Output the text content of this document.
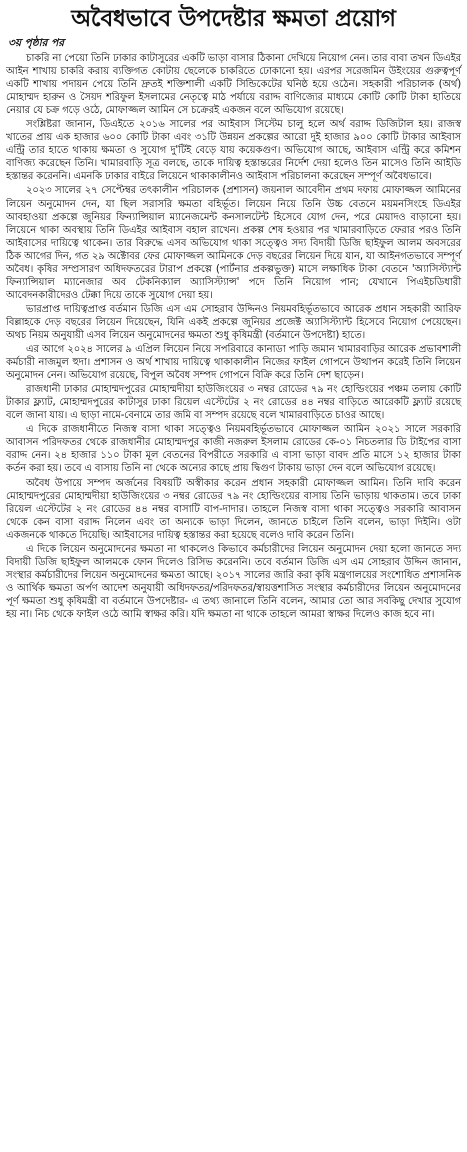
অবৈধভাবে উপদেষ্টার ক্ষমতা প্রয়োগ
৩য় পৃষ্ঠার পর

চাকরি না পেয়ো তিনি ঢাকার কাটাসুরের একটি ভাড়া বাসার ঠিকানা দেখিয়ে নিয়োগ নেন। তার বাবা তখন ডিএইর আইন শাখায় চাকরি করায় ব্যক্তিগত কোটায় ছেলেকে চাকরিতে ঢোকানো হয়। এরপর সরেজমিন উইংয়ের গুরুত্বপূর্ণ একটি শাখায় পদায়ন পেয়ে তিনি দ্রুতই শক্তিশালী একটি সিন্ডিকেটের ঘনিষ্ঠ হয়ে ওঠেন। সহকারী পরিচালক (অর্থ) মোহাম্মদ হারুন ও সৈয়দ শরিফুল ইসলামের নেতৃত্বে মাঠ পর্যায়ে বরাদ্দ বাণিজ্যের মাধ্যমে কোটি কোটি টাকা হাতিয়ে নেয়ার যে চক্র গড়ে ওঠে, মোফাজ্জল আমিন সে চক্রেরই একজন বলে অভিযোগ রয়েছে।

সংশ্লিষ্টরা জানান, ডিএইতে ২০১৬ সালের পর আইবাস সিস্টেম চালু হলে অর্থ বরাদ্দ ডিজিটাল হয়। রাজস্ব খাতের প্রায় এক হাজার ৬০০ কোটি টাকা এবং ৩১টি উন্নয়ন প্রকল্পের আরো দুই হাজার ৯০০ কোটি টাকার আইবাস এন্ট্রি তার হাতে থাকায় ক্ষমতা ও সুযোগ দু'টিই বেড়ে যায় কয়েকগুণ। অভিযোগ আছে, আইবাস এন্ট্রি করে কমিশন বাণিজ্য করেছেন তিনি। খামারবাড়ি সূত্র বলছে, তাকে দায়িত্ব হস্তান্তরের নির্দেশ দেয়া হলেও তিন মাসেও তিনি আইডি হস্তান্তর করেননি। এমনকি ঢাকার বাইরে লিয়েনে থাকাকালীনও আইবাস পরিচালনা করেছেন সম্পূর্ণ অবৈধভাবে।

২০২৩ সালের ২৭ সেপ্টেম্বর তৎকালীন পরিচালক (প্রশাসন) জয়নাল আবেদীন প্রথম দফায় মোফাজ্জল আমিনের লিয়েন অনুমোদন দেন, যা ছিল সরাসরি ক্ষমতা বহির্ভূত। লিয়েন নিয়ে তিনি উচ্চ বেতনে ময়মনসিংহে ডিএইর আবহাওয়া প্রকল্পে জুনিয়র ফিন্যান্সিয়াল ম্যানেজমেন্ট কনসালটেন্ট হিসেবে যোগ দেন, পরে মেয়াদও বাড়ানো হয়। লিয়েনে থাকা অবস্থায় তিনি ডিএইর আইবাস বহাল রাখেন। প্রকল্প শেষ হওয়ার পর খামারবাড়িতে ফেরার পরও তিনি আইবাসের দায়িত্বে থাকেন। তার বিরুদ্ধে এসব অভিযোগ থাকা সত্ত্বেও সদ্য বিদায়ী ডিজি ছাইফুল আলম অবসরের ঠিক আগের দিন, গত ২৯ অক্টোবর ফের মোফাজ্জল আমিনকে দেড় বছরের লিয়েন দিয়ে যান, যা আইনগতভাবে সম্পূর্ণ অবৈধ। কৃষির সম্প্রসারণ অধিদফতরের টারাপ প্রকল্পে (পার্টনার প্রকল্পভুক্ত) মাসে লক্ষাধিক টাকা বেতনে 'অ্যাসিস্ট্যান্ট ফিন্যান্সিয়াল ম্যানেজার অব টেকনিক্যাল অ্যাসিস্ট্যান্স' পদে তিনি নিয়োগ পান; যেখানে পিএইচডিধারী আবেদনকারীদেরও টেক্কা দিয়ে তাকে সুযোগ দেয়া হয়।

ভারপ্রাপ্ত দায়িত্বপ্রাপ্ত বর্তমান ডিজি এস এম সোহরাব উদ্দিনও নিয়মবহির্ভূতভাবে আরেক প্রধান সহকারী আরিফ বিল্লাহকে দেড় বছরের লিয়েন দিয়েছেন, যিনি একই প্রকল্পে জুনিয়র প্রজেক্ট অ্যাসিস্ট্যান্ট হিসেবে নিয়োগ পেয়েছেন। অথচ নিয়ম অনুযায়ী এসব লিয়েন অনুমোদনের ক্ষমতা শুধু কৃষিমন্ত্রী (বর্তমানে উপদেষ্টা) হাতে।

এর আগে ২০২৪ সালের ৯ এপ্রিল লিয়েন নিয়ে সপরিবারে কানাডা পাড়ি জমান খামারবাড়ির আরেক প্রভাবশালী কর্মচারী নাজমুল হুদা। প্রশাসন ও অর্থ শাখায় দায়িত্বে থাকাকালীন নিজের ফাইল গোপনে উত্থাপন করেই তিনি লিয়েন অনুমোদন নেন। অভিযোগ রয়েছে, বিপুল অবৈধ সম্পদ গোপনে বিক্রি করে তিনি দেশ ছাড়েন।

রাজধানী ঢাকার মোহাম্মদপুরের মোহাম্মদীয়া হাউজিংয়ের ৩ নম্বর রোডের ৭৯ নং হোল্ডিংয়ের পঞ্চম তলায় কোটি টাকার ফ্ল্যাট, মোহাম্মদপুরের কাটাসুর ঢাকা রিয়েল এস্টেটের ২ নং রোডের ৪৪ নম্বর বাড়িতে আরেকটি ফ্ল্যাট রয়েছে বলে জানা যায়। এ ছাড়া নামে-বেনামে তার জমি বা সম্পদ রয়েছে বলে খামারবাড়িতে চাওর আছে।

এ দিকে রাজধানীতে নিজস্ব বাসা থাকা সত্ত্বেও নিয়মবহির্ভূতভাবে মোফাজ্জল আমিন ২০২১ সালে সরকারি আবাসন পরিদফতর থেকে রাজধানীর মোহাম্মদপুর কাজী নজরুল ইসলাম রোডের কে-০১ নিচতলার ডি টাইপের বাসা বরাদ্দ নেন। ২৪ হাজার ১১০ টাকা মূল বেতনের বিপরীতে সরকারি এ বাসা ভাড়া বাবদ প্রতি মাসে ১২ হাজার টাকা কর্তন করা হয়। তবে এ বাসায় তিনি না থেকে অন্যের কাছে প্রায় দ্বিগুণ টাকায় ভাড়া দেন বলে অভিযোগ রয়েছে।

অবৈধ উপায়ে সম্পদ অর্জনের বিষয়টি অস্বীকার করেন প্রধান সহকারী মোফাজ্জল আমিন। তিনি দাবি করেন মোহাম্মদপুরের মোহাম্মদীয়া হাউজিংয়ের ৩ নম্বর রোডের ৭৯ নং হোল্ডিংয়ের বাসায় তিনি ভাড়ায় থাকতাম। তবে ঢাকা রিয়েল এস্টেটের ২ নং রোডের ৪৪ নম্বর বাসাটি বাপ-দাদার। তাহলে নিজস্ব বাসা থাকা সত্ত্বেও সরকারি আবাসন থেকে কেন বাসা বরাদ্দ নিলেন এবং তা অন্যকে ভাড়া দিলেন, জানতে চাইলে তিনি বলেন, ভাড়া দিইনি। ওটা একজনকে থাকতে দিয়েছি। আইবাসের দায়িত্ব হস্তান্তর করা হয়েছে বলেও দাবি করেন তিনি।

এ দিকে লিয়েন অনুমোদনের ক্ষমতা না থাকলেও কিভাবে কর্মচারীদের লিয়েন অনুমোদন দেয়া হলো জানতে সদ্য বিদায়ী ডিজি ছাইফুল আলমকে ফোন দিলেও রিসিভ করেননি। তবে বর্তমান ডিজি এস এম সোহরাব উদ্দিন জানান, সংস্থার কর্মচারীদের লিয়েন অনুমোদনের ক্ষমতা আছে। ২০১৭ সালের জারি করা কৃষি মন্ত্রণালয়ের সংশোধিত প্রশাসনিক ও আর্থিক ক্ষমতা অর্পণ আদেশ অনুযায়ী অধিদফতর/পরিদফতর/স্বায়ত্তশাসিত সংস্থার কর্মচারীদের লিয়েন অনুমোদনের পূর্ণ ক্ষমতা শুধু কৃষিমন্ত্রী বা বর্তমানে উপদেষ্টার- এ তথ্য জানালে তিনি বলেন, আমার তো আর সবকিছু দেখার সুযোগ হয় না। নিচ থেকে ফাইল ওঠে আমি স্বাক্ষর করি। যদি ক্ষমতা না থাকে তাহলে আমরা স্বাক্ষর দিলেও কাজ হবে না।
